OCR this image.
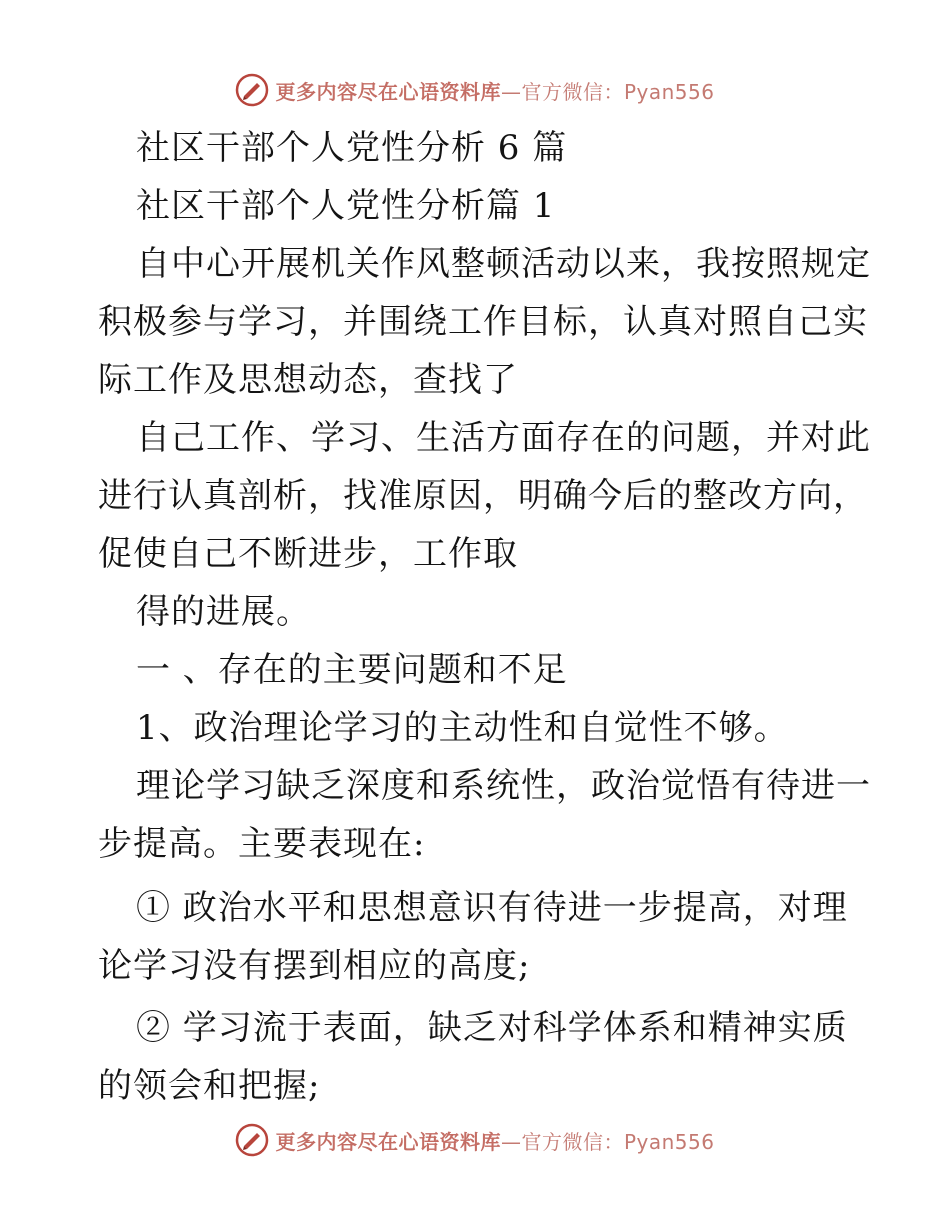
更多内容尽在心语资料库—官方微信：Pyan556
社区干部个人党性分析 6 篇
社区干部个人党性分析篇 1
自中心开展机关作风整顿活动以来，我按照规定
积极参与学习，并围绕工作目标，认真对照自己实
际工作及思想动态，查找了
自己工作、学习、生活方面存在的问题，并对此
进行认真剖析，找准原因，明确今后的整改方向，
促使自己不断进步，工作取
得的进展。
一 、存在的主要问题和不足
1、政治理论学习的主动性和自觉性不够。
理论学习缺乏深度和系统性，政治觉悟有待进一
步提高。主要表现在:
① 政治水平和思想意识有待进一步提高，对理
论学习没有摆到相应的高度;
② 学习流于表面，缺乏对科学体系和精神实质
的领会和把握;
更多内容尽在心语资料库—官方微信：Pyan556
